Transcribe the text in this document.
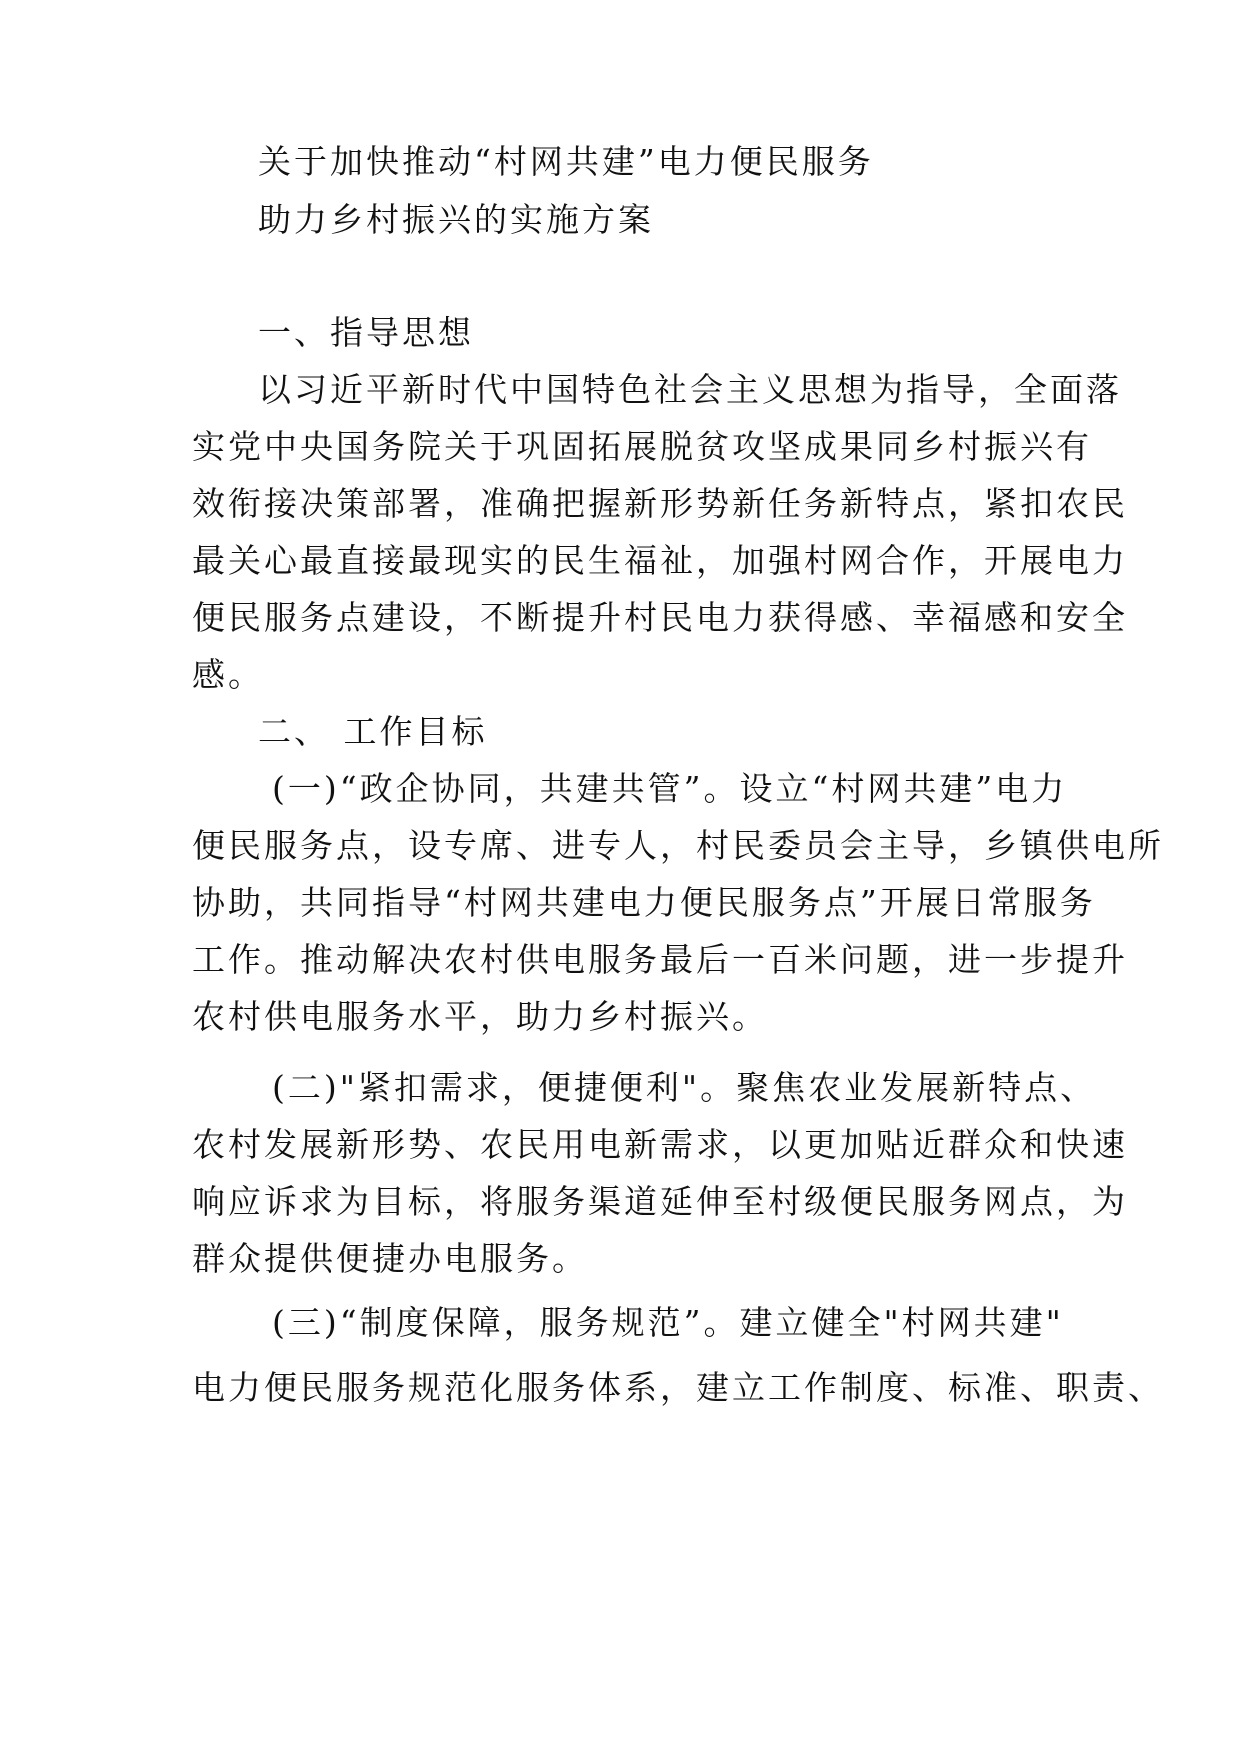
关于加快推动“村网共建”电力便民服务

助力乡村振兴的实施方案

一、指导思想

以习近平新时代中国特色社会主义思想为指导，全面落

实党中央国务院关于巩固拓展脱贫攻坚成果同乡村振兴有

效衔接决策部署，准确把握新形势新任务新特点，紧扣农民

最关心最直接最现实的民生福祉，加强村网合作，开展电力

便民服务点建设，不断提升村民电力获得感、幸福感和安全

感。

二、 工作目标

(一)“政企协同，共建共管”。设立“村网共建”电力

便民服务点，设专席、进专人，村民委员会主导，乡镇供电所

协助，共同指导“村网共建电力便民服务点”开展日常服务

工作。推动解决农村供电服务最后一百米问题，进一步提升

农村供电服务水平，助力乡村振兴。

(二)"紧扣需求，便捷便利"。聚焦农业发展新特点、

农村发展新形势、农民用电新需求，以更加贴近群众和快速

响应诉求为目标，将服务渠道延伸至村级便民服务网点，为

群众提供便捷办电服务。

(三)“制度保障，服务规范”。建立健全"村网共建"

电力便民服务规范化服务体系，建立工作制度、标准、职责、
